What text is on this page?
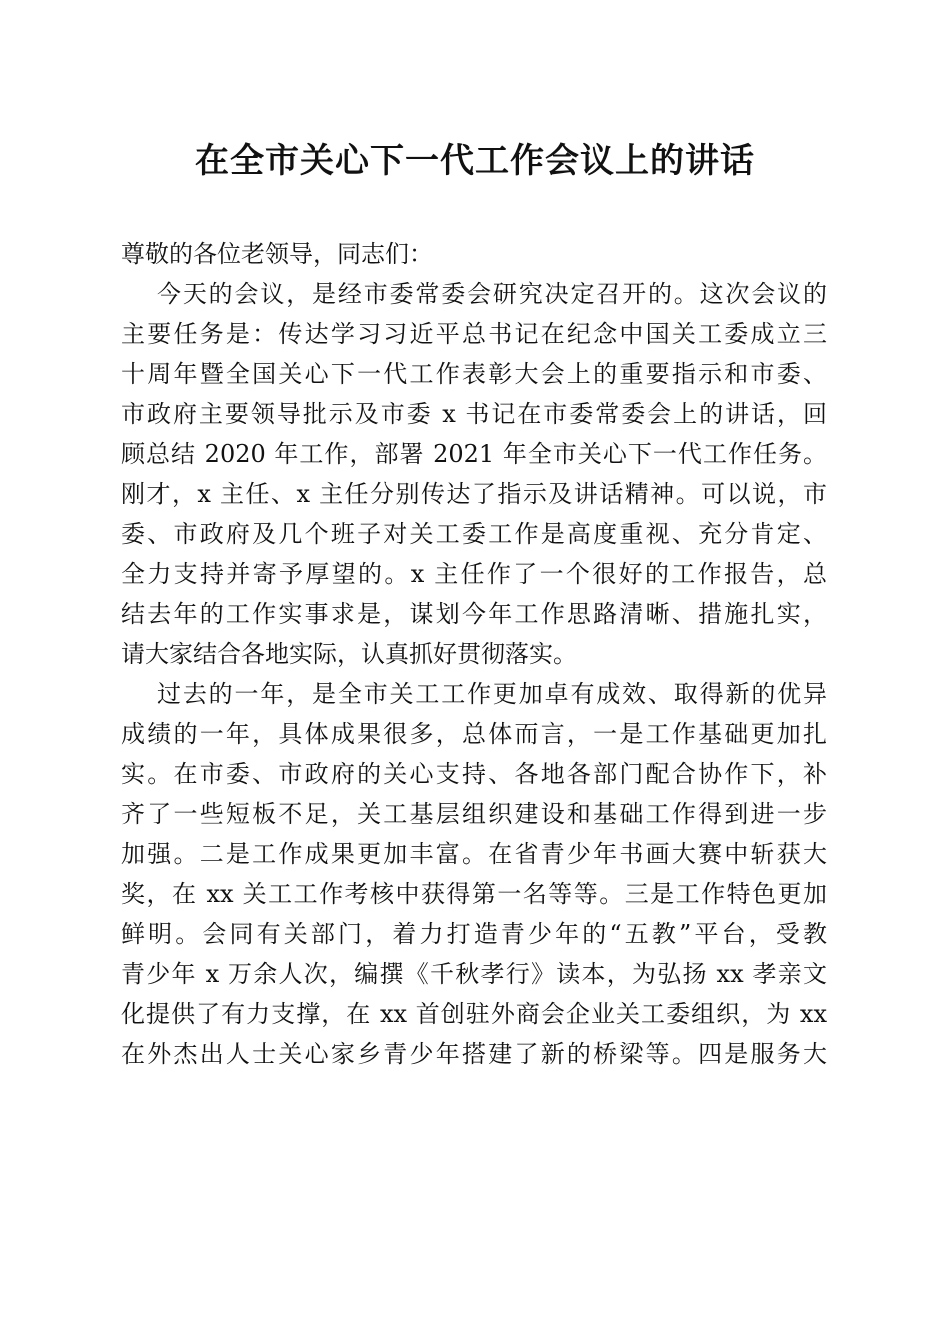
在全市关心下一代工作会议上的讲话
尊敬的各位老领导，同志们：
今天的会议，是经市委常委会研究决定召开的。这次会议的
主要任务是：传达学习习近平总书记在纪念中国关工委成立三
十周年暨全国关心下一代工作表彰大会上的重要指示和市委、
市政府主要领导批示及市委 x 书记在市委常委会上的讲话，回
顾总结 2020 年工作，部署 2021 年全市关心下一代工作任务。
刚才，x 主任、x 主任分别传达了指示及讲话精神。可以说，市
委、市政府及几个班子对关工委工作是高度重视、充分肯定、
全力支持并寄予厚望的。x 主任作了一个很好的工作报告，总
结去年的工作实事求是，谋划今年工作思路清晰、措施扎实，
请大家结合各地实际，认真抓好贯彻落实。
过去的一年，是全市关工工作更加卓有成效、取得新的优异
成绩的一年，具体成果很多，总体而言，一是工作基础更加扎
实。在市委、市政府的关心支持、各地各部门配合协作下，补
齐了一些短板不足，关工基层组织建设和基础工作得到进一步
加强。二是工作成果更加丰富。在省青少年书画大赛中斩获大
奖，在 xx 关工工作考核中获得第一名等等。三是工作特色更加
鲜明。会同有关部门，着力打造青少年的“五教”平台，受教
青少年 x 万余人次，编撰《千秋孝行》读本，为弘扬 xx 孝亲文
化提供了有力支撑，在 xx 首创驻外商会企业关工委组织，为 xx
在外杰出人士关心家乡青少年搭建了新的桥梁等。四是服务大
